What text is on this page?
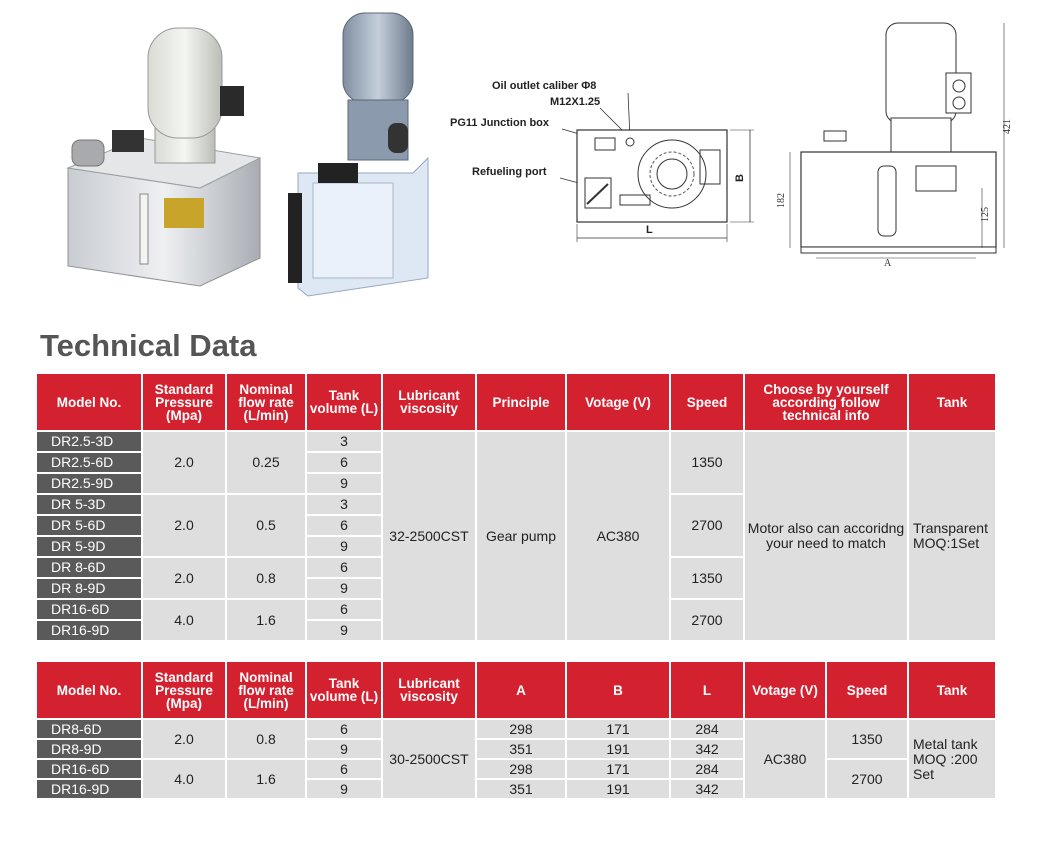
Oil outlet caliber Φ8
M12X1.25
PG11 Junction box
Refueling port
L
B
A
421
182
125
Technical Data
Model No.	Standard Pressure (Mpa)	Nominal flow rate (L/min)	Tank volume (L)	Lubricant viscosity	Principle	Votage (V)	Speed	Choose by yourself according follow technical info	Tank
DR2.5-3D	2.0	0.25	3	32-2500CST	Gear pump	AC380	1350	Motor also can accoridng your need to match	Transparent MOQ:1Set
DR2.5-6D			6						
DR2.5-9D			9						
DR 5-3D	2.0	0.5	3				2700		
DR 5-6D			6						
DR 5-9D			9						
DR 8-6D	2.0	0.8	6				1350		
DR 8-9D			9						
DR16-6D	4.0	1.6	6				2700		
DR16-9D			9						
Model No.	Standard Pressure (Mpa)	Nominal flow rate (L/min)	Tank volume (L)	Lubricant viscosity	A	B	L	Votage (V)	Speed	Tank
DR8-6D	2.0	0.8	6	30-2500CST	298	171	284	AC380	1350	Metal tank MOQ :200 Set
DR8-9D			9		351	191	342			
DR16-6D	4.0	1.6	6		298	171	284		2700	
DR16-9D			9		351	191	342			
